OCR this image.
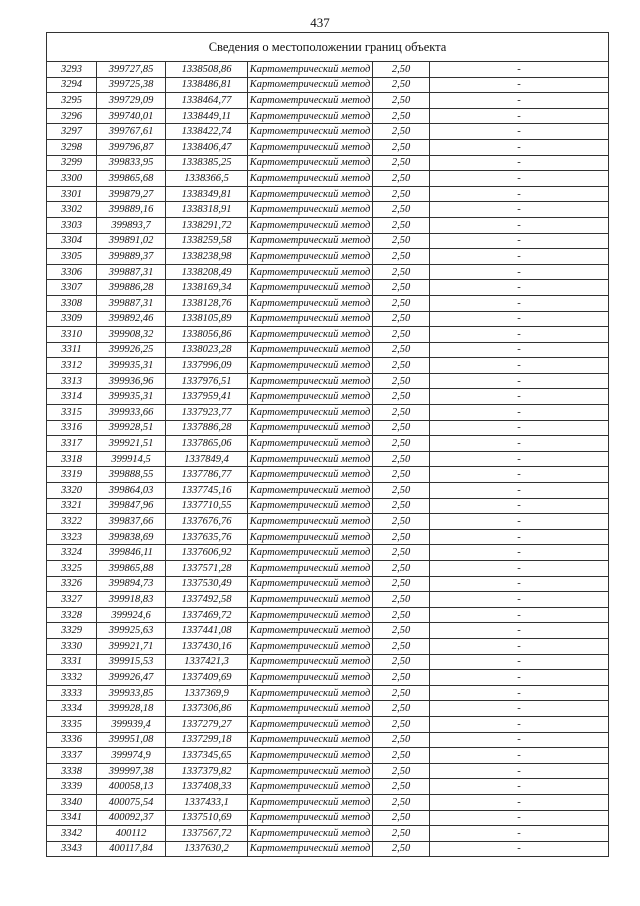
437
Сведения о местоположении границ объекта					
3293	399727,85	1338508,86	Картометрический метод	2,50	-
3294	399725,38	1338486,81	Картометрический метод	2,50	-
3295	399729,09	1338464,77	Картометрический метод	2,50	-
3296	399740,01	1338449,11	Картометрический метод	2,50	-
3297	399767,61	1338422,74	Картометрический метод	2,50	-
3298	399796,87	1338406,47	Картометрический метод	2,50	-
3299	399833,95	1338385,25	Картометрический метод	2,50	-
3300	399865,68	1338366,5	Картометрический метод	2,50	-
3301	399879,27	1338349,81	Картометрический метод	2,50	-
3302	399889,16	1338318,91	Картометрический метод	2,50	-
3303	399893,7	1338291,72	Картометрический метод	2,50	-
3304	399891,02	1338259,58	Картометрический метод	2,50	-
3305	399889,37	1338238,98	Картометрический метод	2,50	-
3306	399887,31	1338208,49	Картометрический метод	2,50	-
3307	399886,28	1338169,34	Картометрический метод	2,50	-
3308	399887,31	1338128,76	Картометрический метод	2,50	-
3309	399892,46	1338105,89	Картометрический метод	2,50	-
3310	399908,32	1338056,86	Картометрический метод	2,50	-
3311	399926,25	1338023,28	Картометрический метод	2,50	-
3312	399935,31	1337996,09	Картометрический метод	2,50	-
3313	399936,96	1337976,51	Картометрический метод	2,50	-
3314	399935,31	1337959,41	Картометрический метод	2,50	-
3315	399933,66	1337923,77	Картометрический метод	2,50	-
3316	399928,51	1337886,28	Картометрический метод	2,50	-
3317	399921,51	1337865,06	Картометрический метод	2,50	-
3318	399914,5	1337849,4	Картометрический метод	2,50	-
3319	399888,55	1337786,77	Картометрический метод	2,50	-
3320	399864,03	1337745,16	Картометрический метод	2,50	-
3321	399847,96	1337710,55	Картометрический метод	2,50	-
3322	399837,66	1337676,76	Картометрический метод	2,50	-
3323	399838,69	1337635,76	Картометрический метод	2,50	-
3324	399846,11	1337606,92	Картометрический метод	2,50	-
3325	399865,88	1337571,28	Картометрический метод	2,50	-
3326	399894,73	1337530,49	Картометрический метод	2,50	-
3327	399918,83	1337492,58	Картометрический метод	2,50	-
3328	399924,6	1337469,72	Картометрический метод	2,50	-
3329	399925,63	1337441,08	Картометрический метод	2,50	-
3330	399921,71	1337430,16	Картометрический метод	2,50	-
3331	399915,53	1337421,3	Картометрический метод	2,50	-
3332	399926,47	1337409,69	Картометрический метод	2,50	-
3333	399933,85	1337369,9	Картометрический метод	2,50	-
3334	399928,18	1337306,86	Картометрический метод	2,50	-
3335	399939,4	1337279,27	Картометрический метод	2,50	-
3336	399951,08	1337299,18	Картометрический метод	2,50	-
3337	399974,9	1337345,65	Картометрический метод	2,50	-
3338	399997,38	1337379,82	Картометрический метод	2,50	-
3339	400058,13	1337408,33	Картометрический метод	2,50	-
3340	400075,54	1337433,1	Картометрический метод	2,50	-
3341	400092,37	1337510,69	Картометрический метод	2,50	-
3342	400112	1337567,72	Картометрический метод	2,50	-
3343	400117,84	1337630,2	Картометрический метод	2,50	-
